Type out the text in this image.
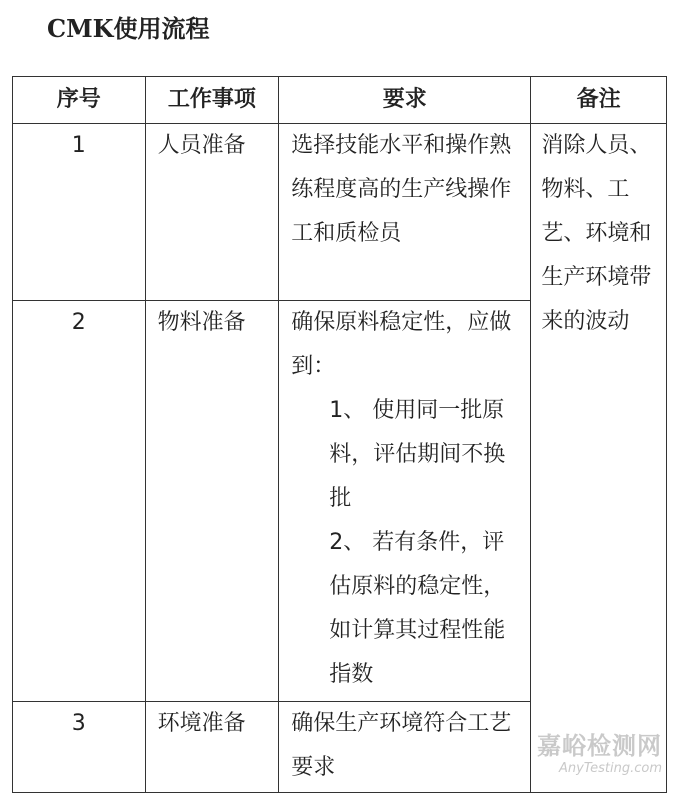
CMK使用流程
序号	工作事项	要求	备注
1	人员准备	选择技能水平和操作熟练程度高的生产线操作工和质检员	消除人员、物料、工艺、环境和生产环境带来的波动
2	物料准备	确保原料稳定性，应做到：
1、 使用同一批原料，评估期间不换批
2、 若有条件，评估原料的稳定性，如计算其过程性能指数	

3	环境准备	确保生产环境符合工艺要求	
嘉峪检测网
AnyTesting.com
